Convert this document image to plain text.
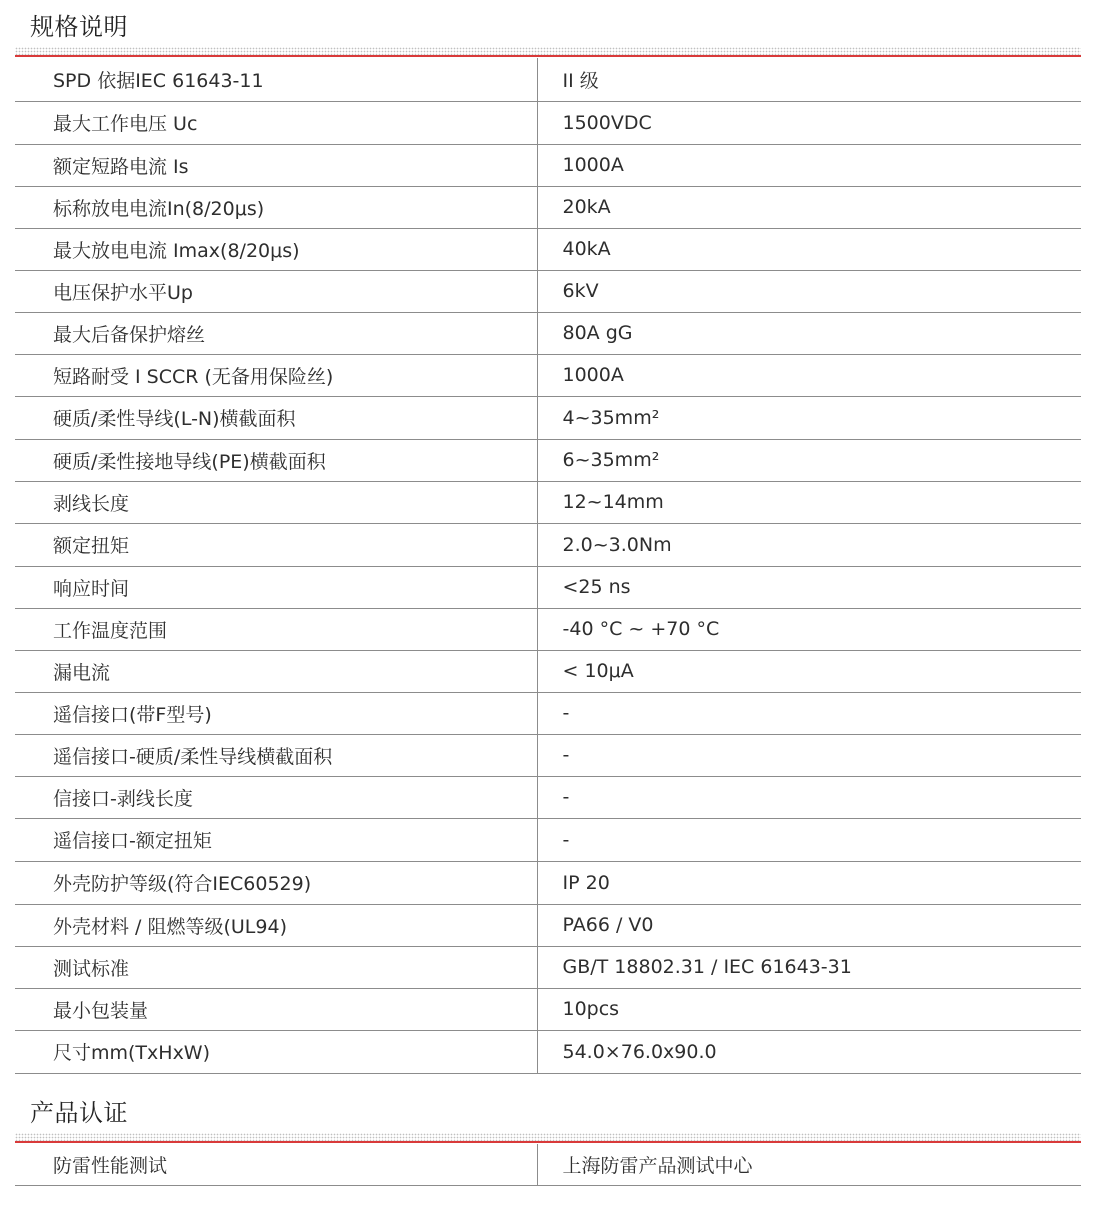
规格说明
SPD 依据IEC 61643-11	II 级
最大工作电压 Uc	1500VDC
额定短路电流 Is	1000A
标称放电电流In(8/20μs)	20kA
最大放电电流 Imax(8/20μs)	40kA
电压保护水平Up	6kV
最大后备保护熔丝	80A gG
短路耐受 I SCCR (无备用保险丝)	1000A
硬质/柔性导线(L-N)横截面积	4~35mm²
硬质/柔性接地导线(PE)横截面积	6~35mm²
剥线长度	12~14mm
额定扭矩	2.0~3.0Nm
响应时间	<25 ns
工作温度范围	-40 °C ~ +70 °C
漏电流	< 10μA
遥信接口(带F型号)	-
遥信接口-硬质/柔性导线横截面积	-
信接口-剥线长度	-
遥信接口-额定扭矩	-
外壳防护等级(符合IEC60529)	IP 20
外壳材料 / 阻燃等级(UL94)	PA66 / V0
测试标准	GB/T 18802.31 / IEC 61643-31
最小包装量	10pcs
尺寸mm(TxHxW)	54.0×76.0x90.0
产品认证
防雷性能测试	上海防雷产品测试中心
